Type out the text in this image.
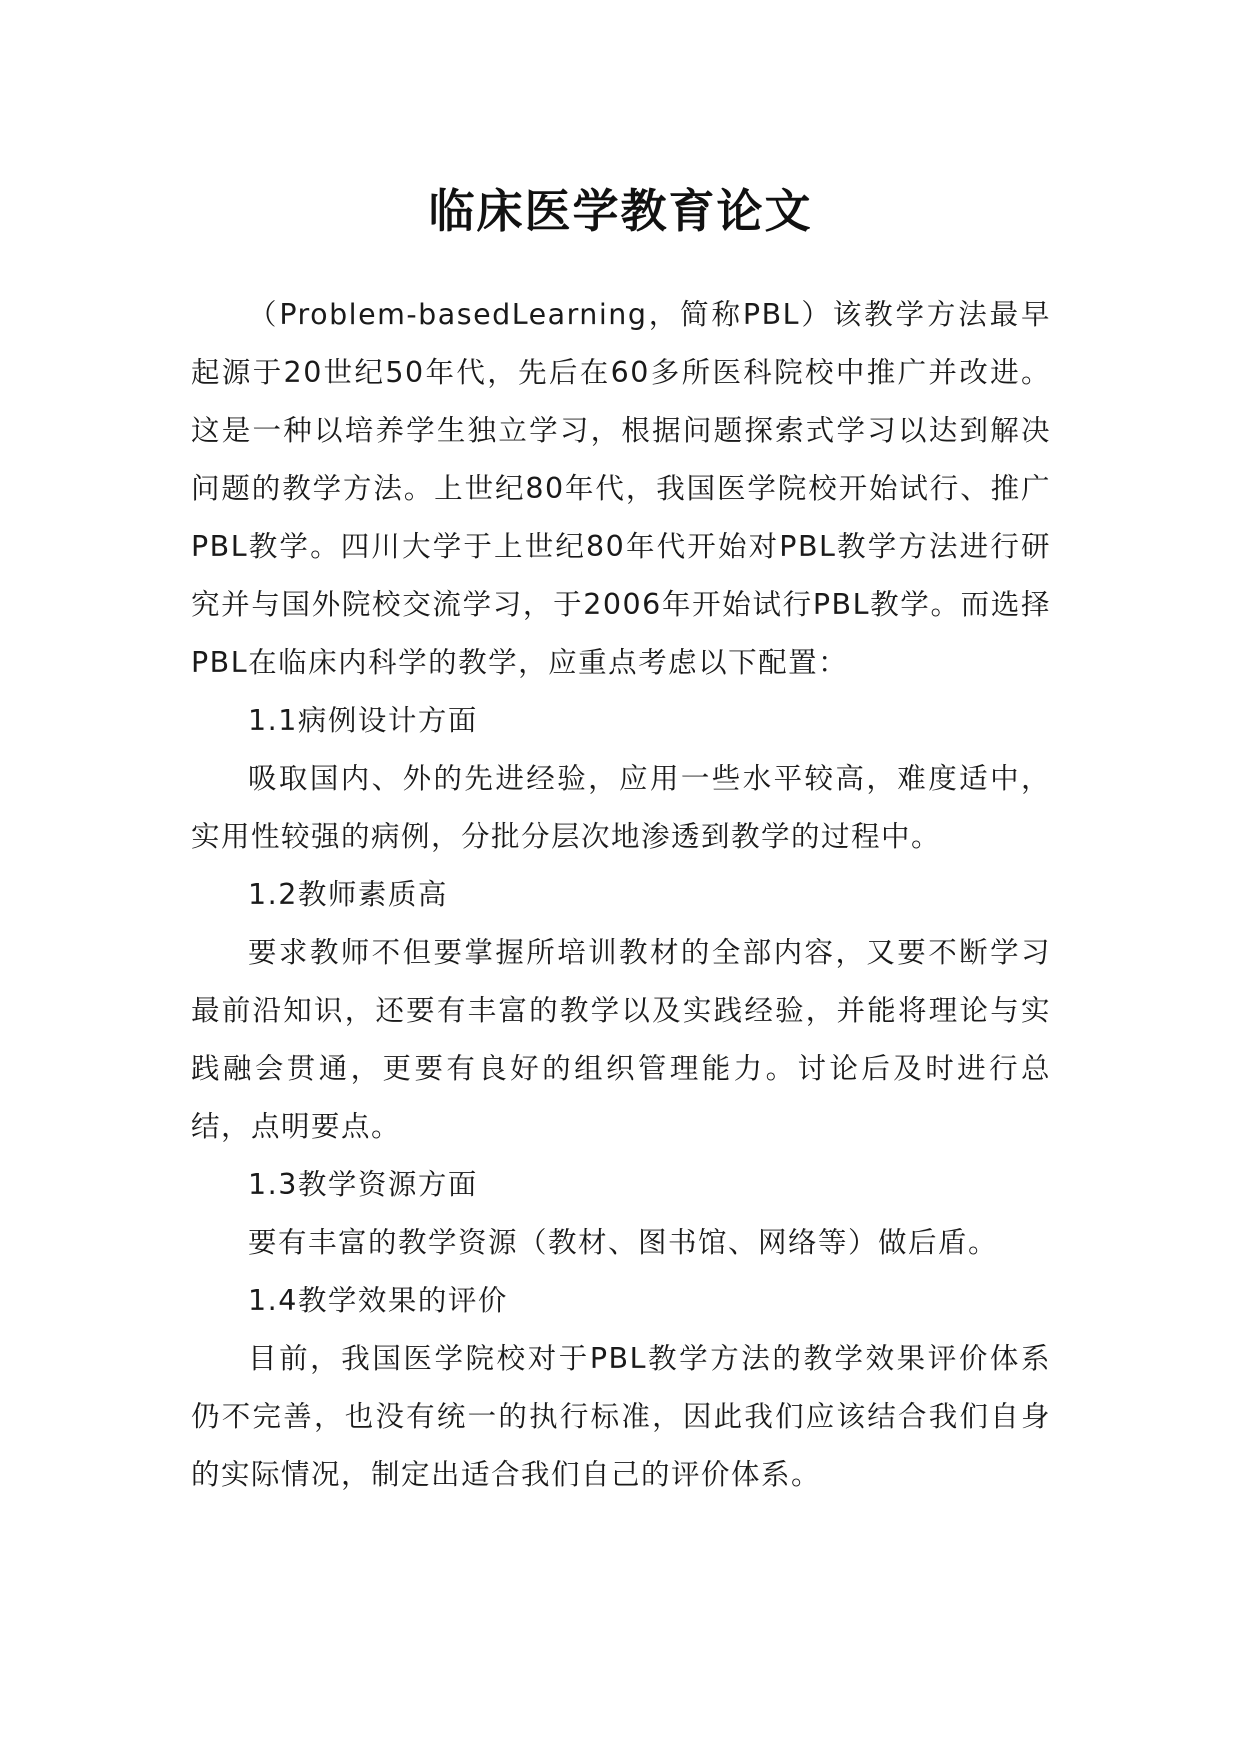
临床医学教育论文

（Problem-basedLearning，简称PBL）该教学方法最早起源于20世纪50年代，先后在60多所医科院校中推广并改进。这是一种以培养学生独立学习，根据问题探索式学习以达到解决问题的教学方法。上世纪80年代，我国医学院校开始试行、推广PBL教学。四川大学于上世纪80年代开始对PBL教学方法进行研究并与国外院校交流学习，于2006年开始试行PBL教学。而选择PBL在临床内科学的教学，应重点考虑以下配置：

1.1病例设计方面

吸取国内、外的先进经验，应用一些水平较高，难度适中，实用性较强的病例，分批分层次地渗透到教学的过程中。

1.2教师素质高

要求教师不但要掌握所培训教材的全部内容，又要不断学习最前沿知识，还要有丰富的教学以及实践经验，并能将理论与实践融会贯通，更要有良好的组织管理能力。讨论后及时进行总结，点明要点。

1.3教学资源方面

要有丰富的教学资源（教材、图书馆、网络等）做后盾。

1.4教学效果的评价

目前，我国医学院校对于PBL教学方法的教学效果评价体系仍不完善，也没有统一的执行标准，因此我们应该结合我们自身的实际情况，制定出适合我们自己的评价体系。
